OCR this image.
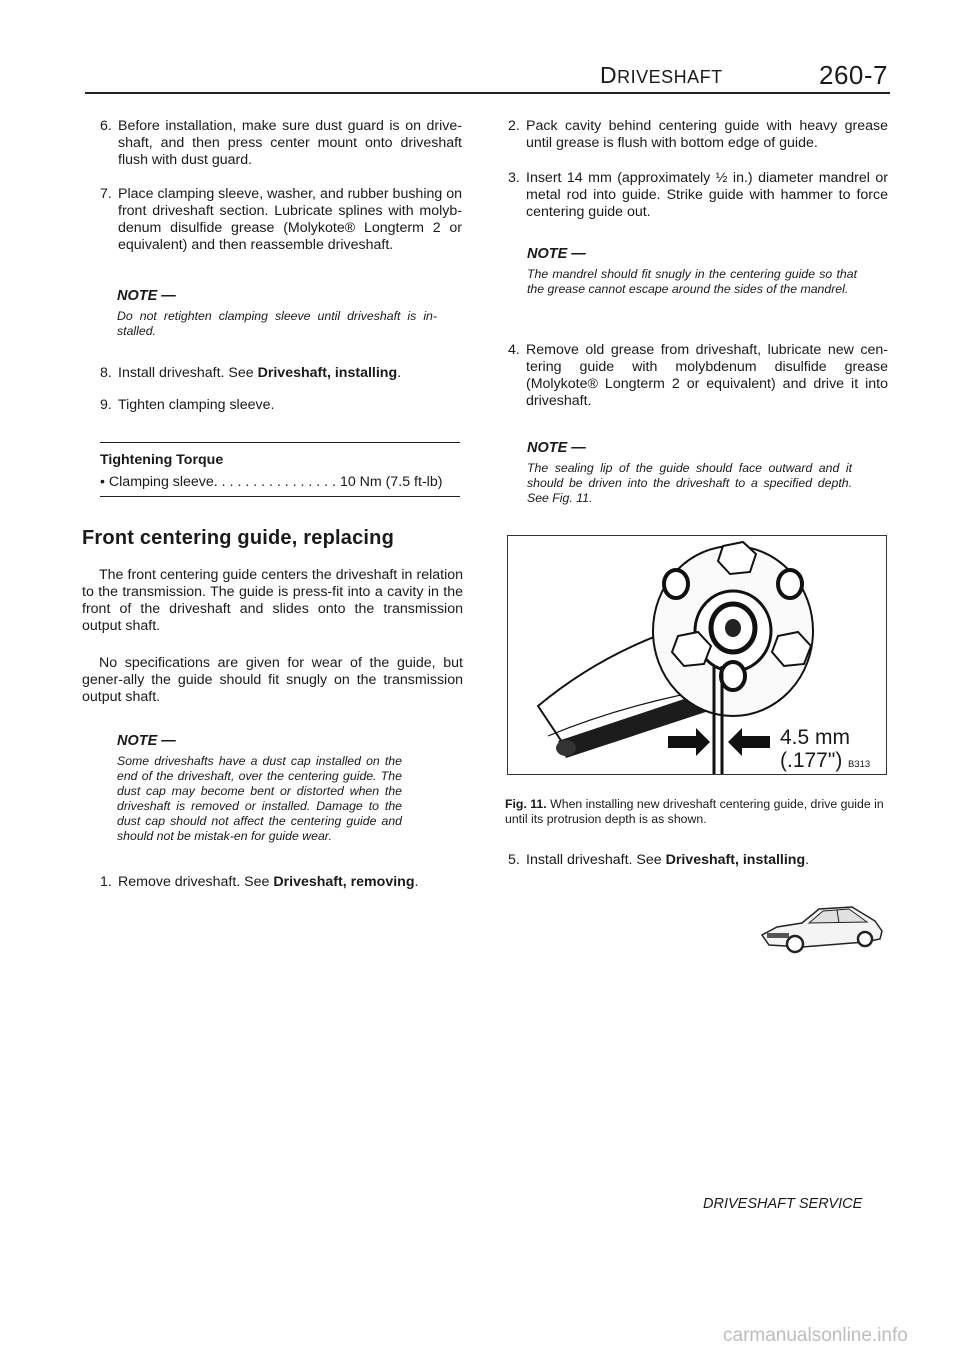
DRIVESHAFT	260-7
6. Before installation, make sure dust guard is on drive-shaft, and then press center mount onto driveshaft flush with dust guard.
7. Place clamping sleeve, washer, and rubber bushing on front driveshaft section. Lubricate splines with molyb-denum disulfide grease (Molykote® Longterm 2 or equivalent) and then reassemble driveshaft.
NOTE —
Do not retighten clamping sleeve until driveshaft is in-stalled.
8. Install driveshaft. See Driveshaft, installing.
9. Tighten clamping sleeve.
Tightening Torque
• Clamping sleeve. . . . . . . . . . . . . . . . 10 Nm (7.5 ft-lb)
Front centering guide, replacing
The front centering guide centers the driveshaft in relation to the transmission. The guide is press-fit into a cavity in the front of the driveshaft and slides onto the transmission output shaft.
No specifications are given for wear of the guide, but gener-ally the guide should fit snugly on the transmission output shaft.
NOTE —
Some driveshafts have a dust cap installed on the end of the driveshaft, over the centering guide. The dust cap may become bent or distorted when the driveshaft is removed or installed. Damage to the dust cap should not affect the centering guide and should not be mistak-en for guide wear.
1. Remove driveshaft. See Driveshaft, removing.
2. Pack cavity behind centering guide with heavy grease until grease is flush with bottom edge of guide.
3. Insert 14 mm (approximately ½ in.) diameter mandrel or metal rod into guide. Strike guide with hammer to force centering guide out.
NOTE —
The mandrel should fit snugly in the centering guide so that the grease cannot escape around the sides of the mandrel.
4. Remove old grease from driveshaft, lubricate new cen-tering guide with molybdenum disulfide grease (Molykote® Longterm 2 or equivalent) and drive it into driveshaft.
NOTE —
The sealing lip of the guide should face outward and it should be driven into the driveshaft to a specified depth. See Fig. 11.
4.5 mm
(.177") B313
Fig. 11. When installing new driveshaft centering guide, drive guide in until its protrusion depth is as shown.
5. Install driveshaft. See Driveshaft, installing.
DRIVESHAFT SERVICE
carmanualsonline.info
